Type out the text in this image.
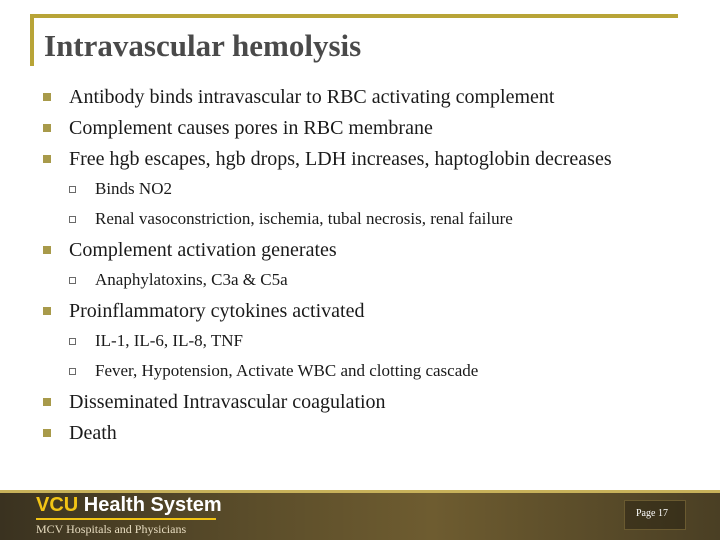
Intravascular hemolysis
Antibody binds intravascular to RBC activating complement
Complement causes pores in RBC membrane
Free hgb escapes, hgb drops, LDH increases, haptoglobin decreases
Binds NO2
Renal vasoconstriction, ischemia, tubal necrosis, renal failure
Complement activation generates
Anaphylatoxins, C3a & C5a
Proinflammatory cytokines activated
IL-1, IL-6, IL-8, TNF
Fever, Hypotension, Activate WBC and clotting cascade
Disseminated Intravascular coagulation
Death
VCU Health System
MCV Hospitals and Physicians
Page 17
